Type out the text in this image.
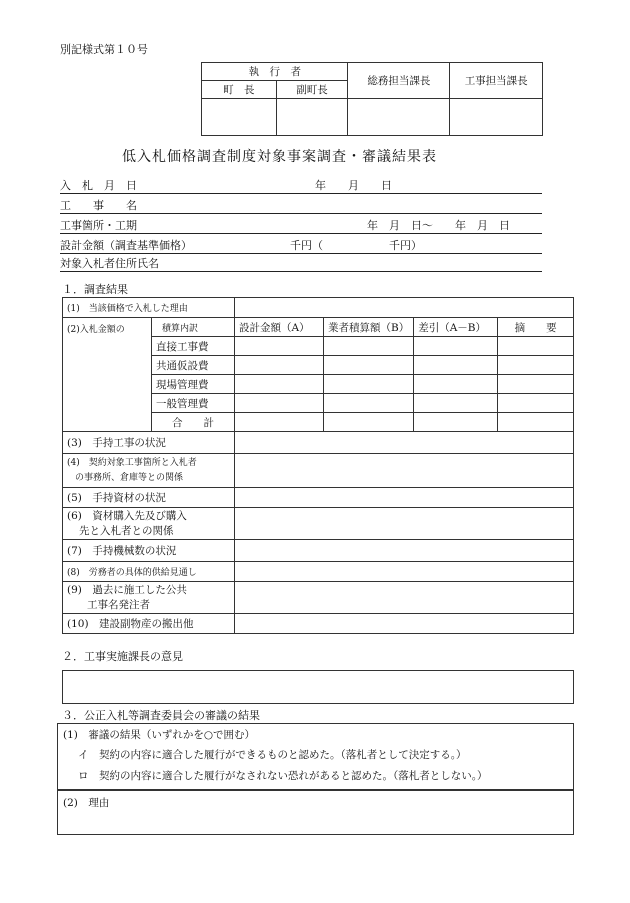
別記様式第１０号
執　行　者		総務担当課長	工事担当課長
町　長	副町長		

低入札価格調査制度対象事案調査・審議結果表
入　札　月　日	年　　月　　日
工　　事　　名
工事箇所・工期	年　月　日～　　年　月　日
設計金額（調査基準価格）	千円（　　　　　　千円）
対象入札者住所氏名
１．調査結果
(1)　当該価格で入札した理由					
(2)入札金額の	積算内訳	設計金額（A）	業者積算額（B）	差引（A－B）	摘　　要
	直接工事費				
	共通仮設費				
	現場管理費				
	一般管理費				
	合　　計				
(3)　手持工事の状況					

(4)　契約対象工事箇所と入札者
の事務所、倉庫等との関係					

(5)　手持資材の状況					

(6)　資材購入先及び購入
先と入札者との関係					

(7)　手持機械数の状況					
(8)　労務者の具体的供給見通し					

(9)　過去に施工した公共
工事名発注者					

(10)　建設副物産の搬出他					
２．工事実施課長の意見
３．公正入札等調査委員会の審議の結果
(1)　審議の結果（いずれかを○で囲む）
イ　契約の内容に適合した履行ができるものと認めた。（落札者として決定する。）
ロ　契約の内容に適合した履行がなされない恐れがあると認めた。（落札者としない。）
(2)　理由
